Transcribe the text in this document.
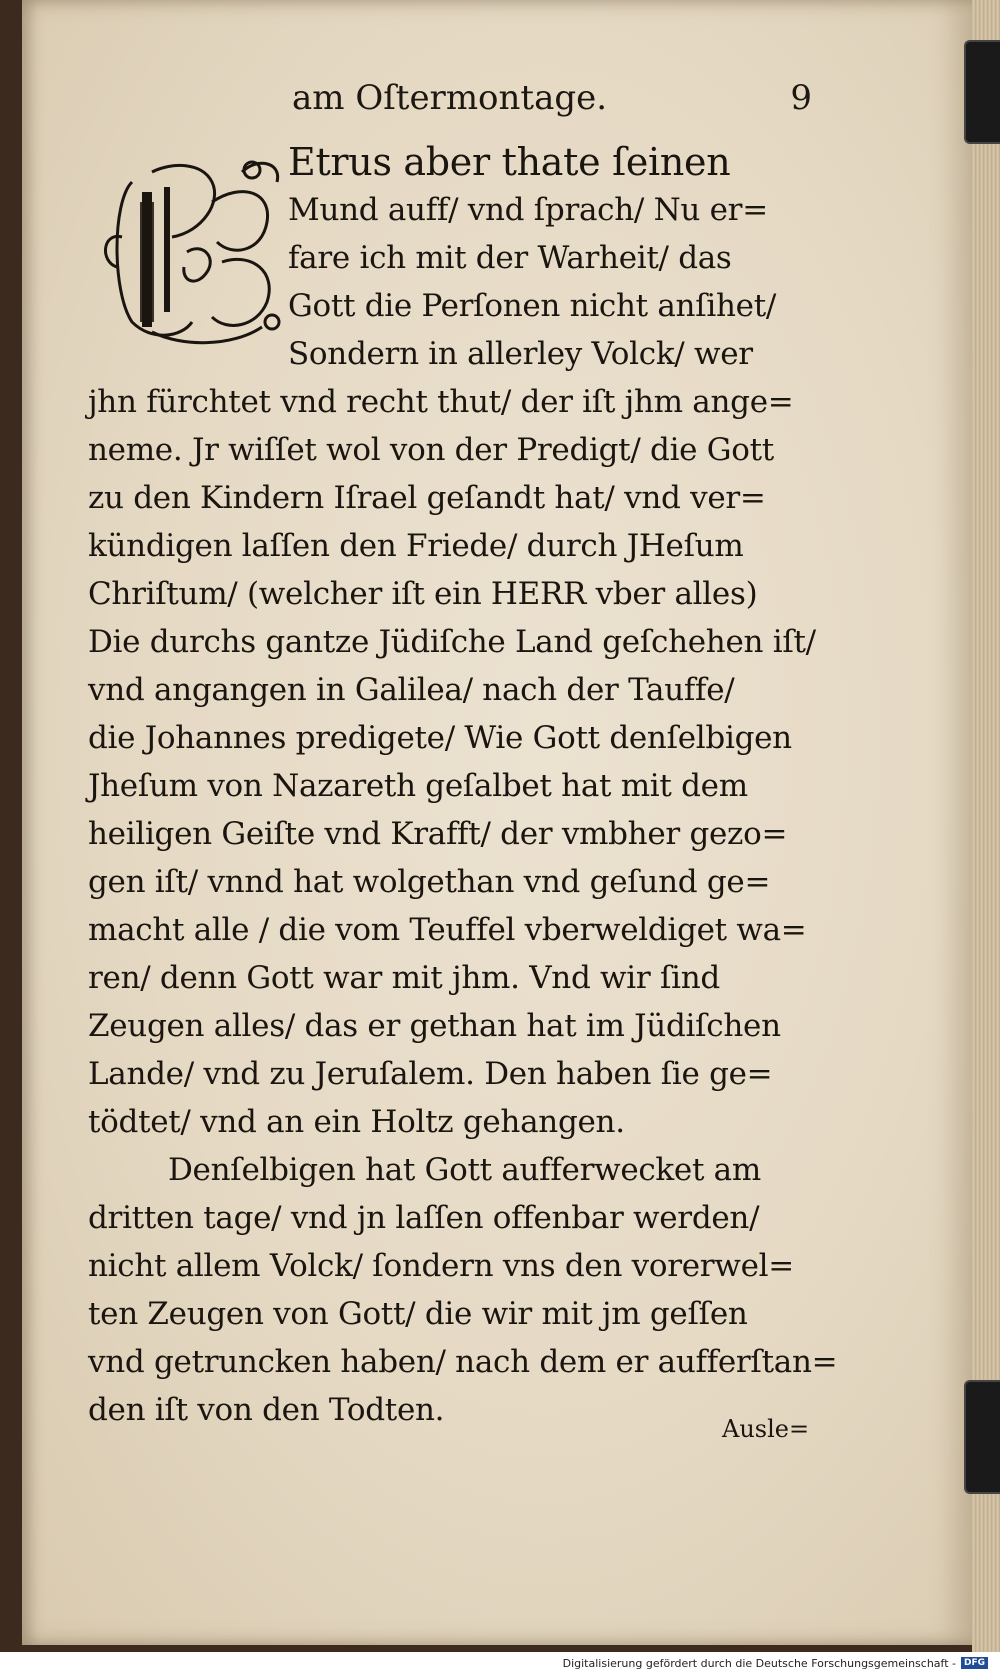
am Oſtermontage.	9
Etrus aber thate ſeinen
Mund auff/ vnd ſprach/ Nu er=
fare ich mit der Warheit/ das
Gott die Perſonen nicht anſihet/
Sondern in allerley Volck/ wer
jhn fürchtet vnd recht thut/ der iſt jhm ange=
neme. Jr wiſſet wol von der Predigt/ die Gott
zu den Kindern Iſrael geſandt hat/ vnd ver=
kündigen laſſen den Friede/ durch JHeſum
Chriſtum/ (welcher iſt ein HERR vber alles)
Die durchs gantze Jüdiſche Land geſchehen iſt/
vnd angangen in Galilea/ nach der Tauffe/
die Johannes predigete/ Wie Gott denſelbigen
Jheſum von Nazareth geſalbet hat mit dem
heiligen Geiſte vnd Krafft/ der vmbher gezo=
gen iſt/ vnnd hat wolgethan vnd geſund ge=
macht alle / die vom Teuffel vberweldiget wa=
ren/ denn Gott war mit jhm. Vnd wir ſind
Zeugen alles/ das er gethan hat im Jüdiſchen
Lande/ vnd zu Jeruſalem. Den haben ſie ge=
tödtet/ vnd an ein Holtz gehangen.
Denſelbigen hat Gott aufferwecket am
dritten tage/ vnd jn laſſen offenbar werden/
nicht allem Volck/ ſondern vns den vorerwel=
ten Zeugen von Gott/ die wir mit jm geſſen
vnd getruncken haben/ nach dem er aufferſtan=
den iſt von den Todten.
Ausle=
Digitalisierung gefördert durch die Deutsche Forschungsgemeinschaft - DFG
